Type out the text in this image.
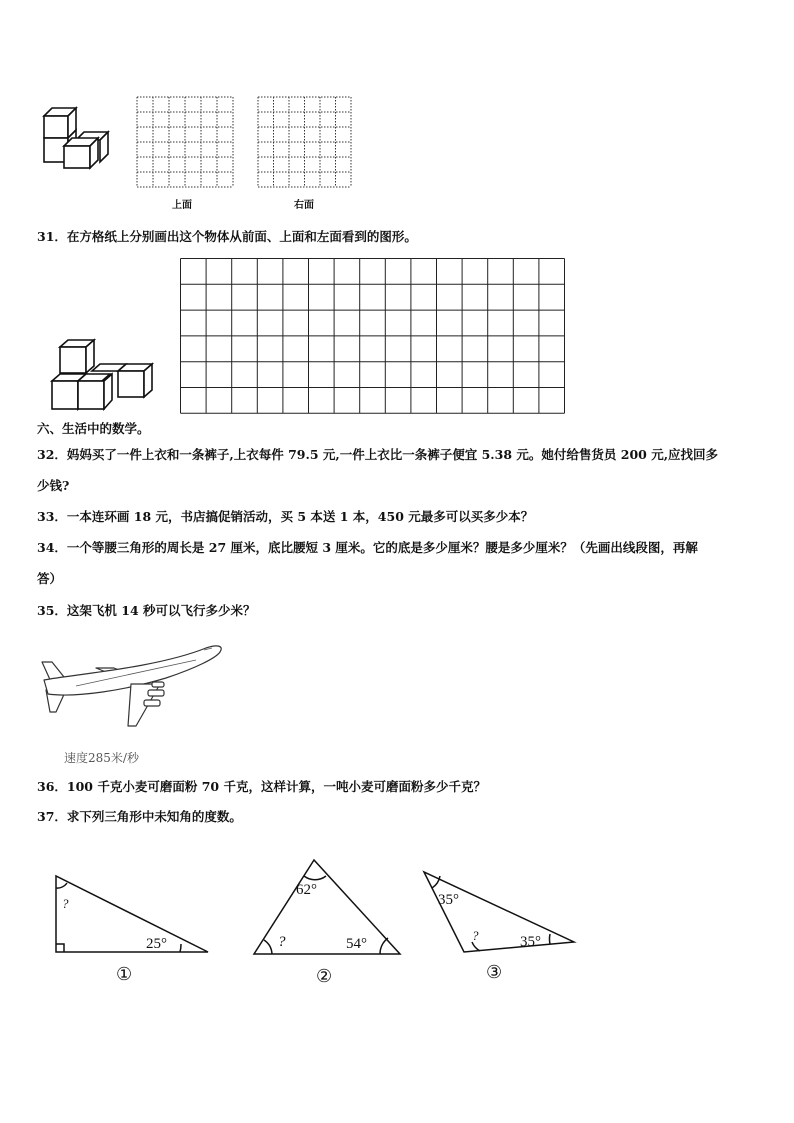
上面	右面
31．在方格纸上分别画出这个物体从前面、上面和左面看到的图形。
六、生活中的数学。
32．妈妈买了一件上衣和一条裤子,上衣每件 79.5 元,一件上衣比一条裤子便宜 5.38 元。她付给售货员 200 元,应找回多
少钱?
33．一本连环画 18 元，书店搞促销活动，买 5 本送 1 本，450 元最多可以买多少本？
34．一个等腰三角形的周长是 27 厘米，底比腰短 3 厘米。它的底是多少厘米？腰是多少厘米？（先画出线段图，再解
答）
35．这架飞机 14 秒可以飞行多少米？
速度285米/秒
36．100 千克小麦可磨面粉 70 千克，这样计算，一吨小麦可磨面粉多少千克？
37．求下列三角形中未知角的度数。
?
25°
①
62°
?	54°
②
35°
?	35°
③
